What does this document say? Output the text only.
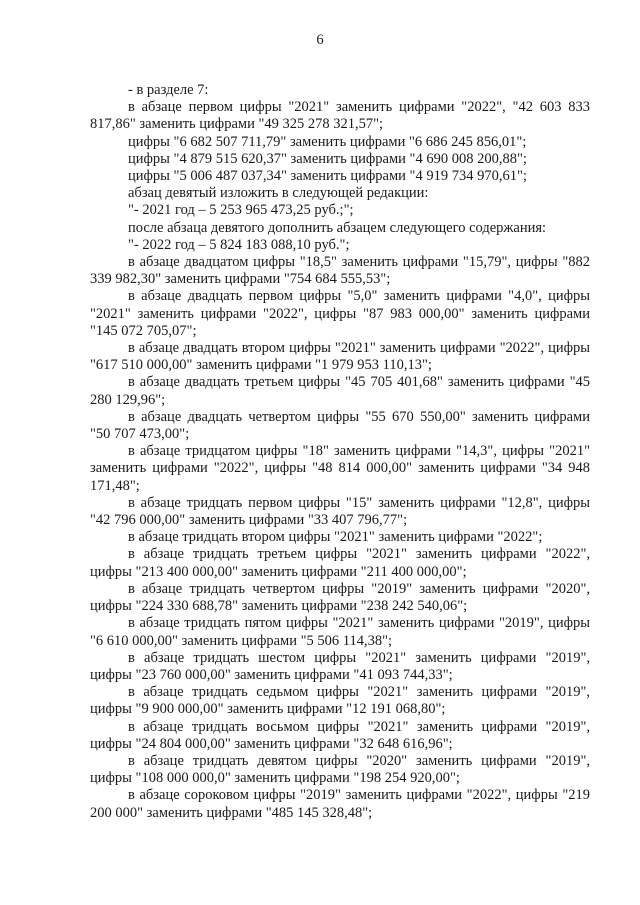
6

- в разделе 7:

в абзаце первом цифры "2021" заменить цифрами "2022", "42 603 833 817,86" заменить цифрами "49 325 278 321,57";

цифры "6 682 507 711,79" заменить цифрами "6 686 245 856,01";

цифры "4 879 515 620,37" заменить цифрами "4 690 008 200,88";

цифры "5 006 487 037,34" заменить цифрами "4 919 734 970,61";

абзац девятый изложить в следующей редакции:

"- 2021 год – 5 253 965 473,25 руб.;";

после абзаца девятого дополнить абзацем следующего содержания:

"- 2022 год – 5 824 183 088,10 руб.";

в абзаце двадцатом цифры "18,5" заменить цифрами "15,79", цифры "882 339 982,30" заменить цифрами "754 684 555,53";

в абзаце двадцать первом цифры "5,0" заменить цифрами "4,0", цифры "2021" заменить цифрами "2022", цифры "87 983 000,00" заменить цифрами "145 072 705,07";

в абзаце двадцать втором цифры "2021" заменить цифрами "2022", цифры "617 510 000,00" заменить цифрами "1 979 953 110,13";

в абзаце двадцать третьем цифры "45 705 401,68" заменить цифрами "45 280 129,96";

в абзаце двадцать четвертом цифры "55 670 550,00" заменить цифрами "50 707 473,00";

в абзаце тридцатом цифры "18" заменить цифрами "14,3", цифры "2021" заменить цифрами "2022", цифры "48 814 000,00" заменить цифрами "34 948 171,48";

в абзаце тридцать первом цифры "15" заменить цифрами "12,8", цифры "42 796 000,00" заменить цифрами "33 407 796,77";

в абзаце тридцать втором цифры "2021" заменить цифрами "2022";

в абзаце тридцать третьем цифры "2021" заменить цифрами "2022", цифры "213 400 000,00" заменить цифрами "211 400 000,00";

в абзаце тридцать четвертом цифры "2019" заменить цифрами "2020", цифры "224 330 688,78" заменить цифрами "238 242 540,06";

в абзаце тридцать пятом цифры "2021" заменить цифрами "2019", цифры "6 610 000,00" заменить цифрами "5 506 114,38";

в абзаце тридцать шестом цифры "2021" заменить цифрами "2019", цифры "23 760 000,00" заменить цифрами "41 093 744,33";

в абзаце тридцать седьмом цифры "2021" заменить цифрами "2019", цифры "9 900 000,00" заменить цифрами "12 191 068,80";

в абзаце тридцать восьмом цифры "2021" заменить цифрами "2019", цифры "24 804 000,00" заменить цифрами "32 648 616,96";

в абзаце тридцать девятом цифры "2020" заменить цифрами "2019", цифры "108 000 000,0" заменить цифрами "198 254 920,00";

в абзаце сороковом цифры "2019" заменить цифрами "2022", цифры "219 200 000" заменить цифрами "485 145 328,48";
